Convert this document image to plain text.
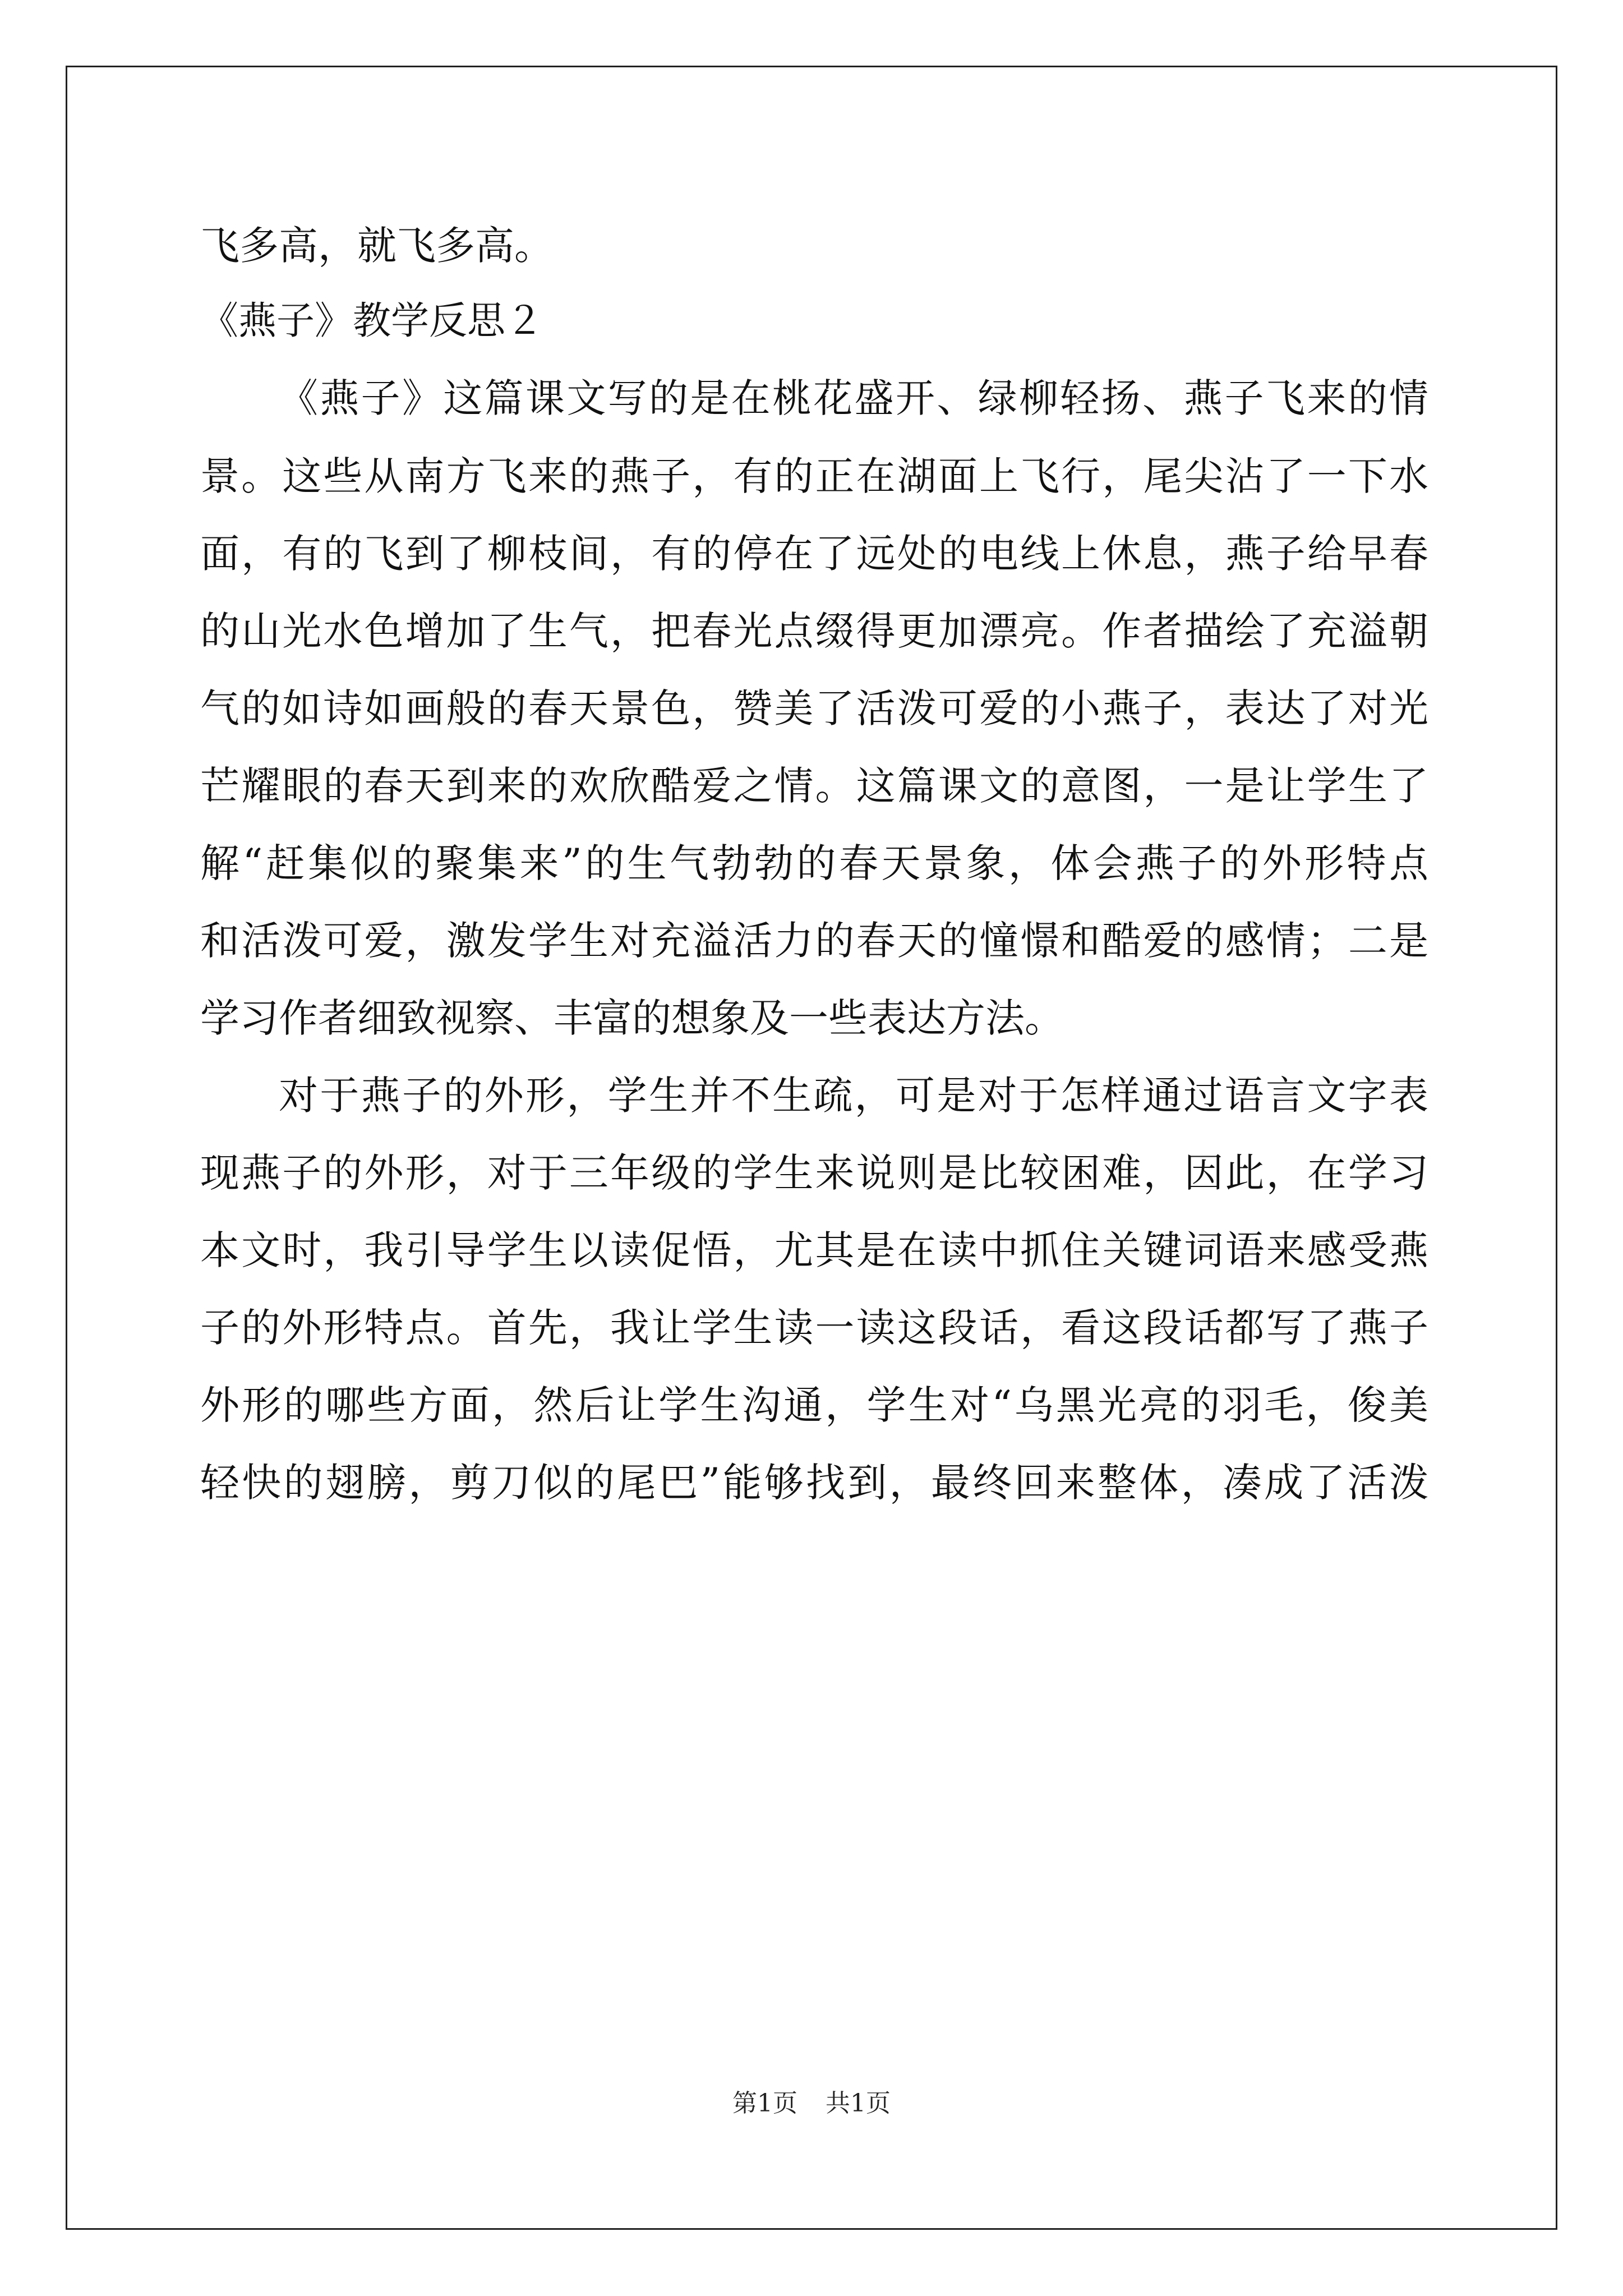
飞多高，就飞多高。
《燕子》教学反思２
《燕子》这篇课文写的是在桃花盛开、绿柳轻扬、燕子飞来的情
景。这些从南方飞来的燕子，有的正在湖面上飞行，尾尖沾了一下水
面，有的飞到了柳枝间，有的停在了远处的电线上休息，燕子给早春
的山光水色增加了生气，把春光点缀得更加漂亮。作者描绘了充溢朝
气的如诗如画般的春天景色，赞美了活泼可爱的小燕子，表达了对光
芒耀眼的春天到来的欢欣酷爱之情。这篇课文的意图，一是让学生了
解“赶集似的聚集来”的生气勃勃的春天景象，体会燕子的外形特点
和活泼可爱，激发学生对充溢活力的春天的憧憬和酷爱的感情；二是
学习作者细致视察、丰富的想象及一些表达方法。
对于燕子的外形，学生并不生疏，可是对于怎样通过语言文字表
现燕子的外形，对于三年级的学生来说则是比较困难，因此，在学习
本文时，我引导学生以读促悟，尤其是在读中抓住关键词语来感受燕
子的外形特点。首先，我让学生读一读这段话，看这段话都写了燕子
外形的哪些方面，然后让学生沟通，学生对“乌黑光亮的羽毛，俊美
轻快的翅膀，剪刀似的尾巴”能够找到，最终回来整体，凑成了活泼
第1页 共1页
